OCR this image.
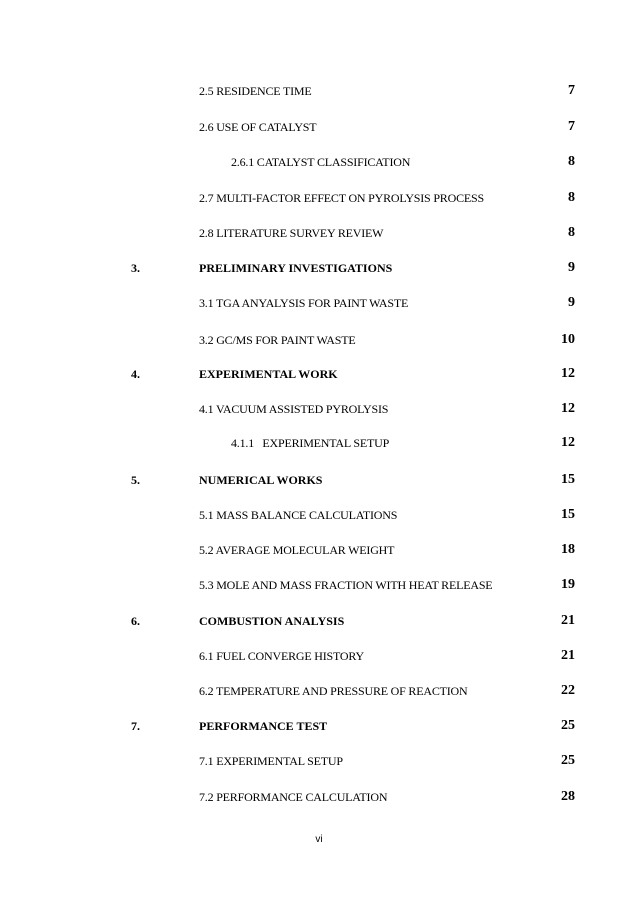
2.5 RESIDENCE TIME	7
2.6 USE OF CATALYST	7
2.6.1 CATALYST CLASSIFICATION	8
2.7 MULTI-FACTOR EFFECT ON PYROLYSIS PROCESS	8
2.8 LITERATURE SURVEY REVIEW	8
3.	PRELIMINARY INVESTIGATIONS	9
3.1 TGA ANYALYSIS FOR PAINT WASTE	9
3.2 GC/MS FOR PAINT WASTE	10
4.	EXPERIMENTAL WORK	12
4.1 VACUUM ASSISTED PYROLYSIS	12
4.1.1   EXPERIMENTAL SETUP	12
5.	NUMERICAL WORKS	15
5.1 MASS BALANCE CALCULATIONS	15
5.2 AVERAGE MOLECULAR WEIGHT	18
5.3 MOLE AND MASS FRACTION WITH HEAT RELEASE	19
6.	COMBUSTION ANALYSIS	21
6.1 FUEL CONVERGE HISTORY	21
6.2 TEMPERATURE AND PRESSURE OF REACTION	22
7.	PERFORMANCE TEST	25
7.1 EXPERIMENTAL SETUP	25
7.2 PERFORMANCE CALCULATION	28
vi
